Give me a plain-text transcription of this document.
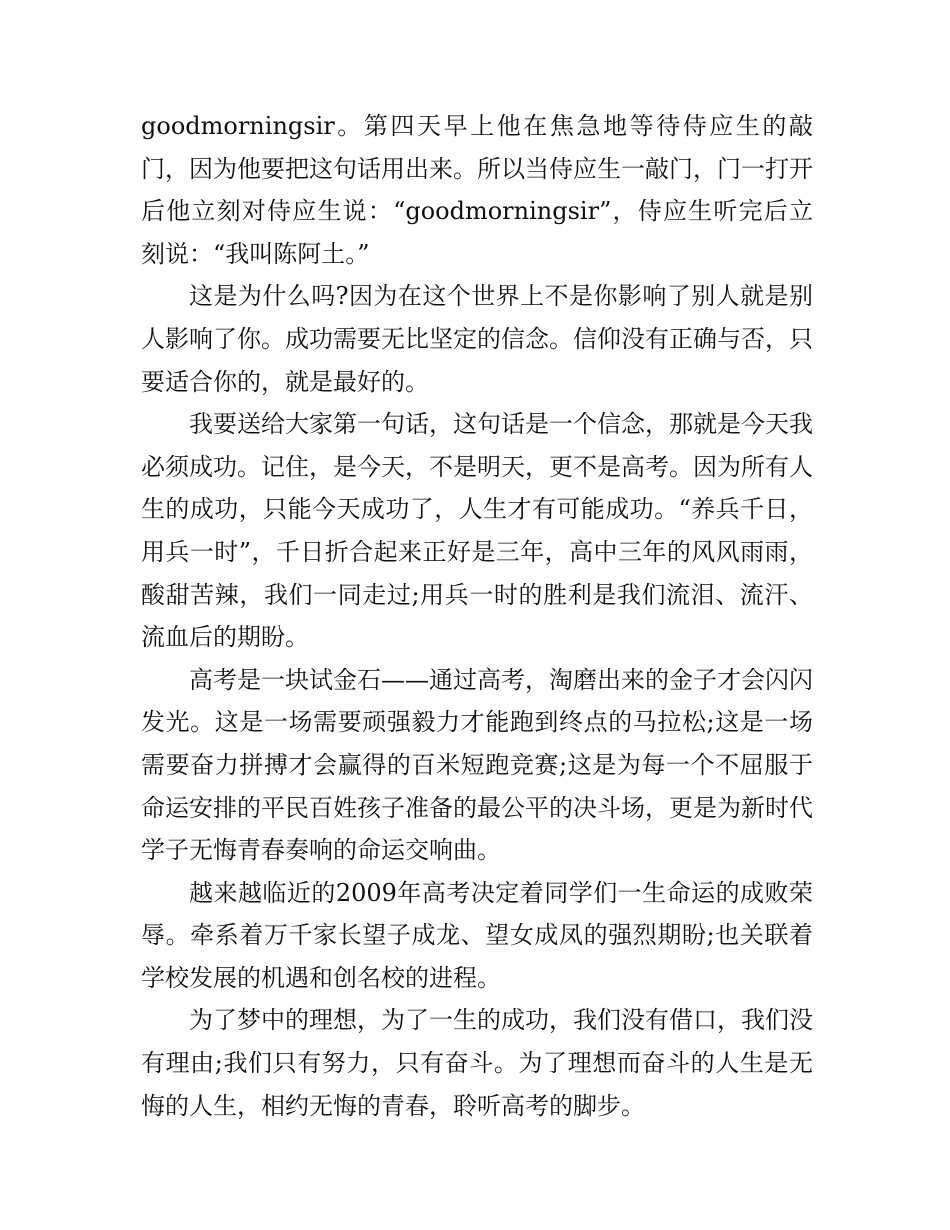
goodmorningsir。第四天早上他在焦急地等待侍应生的敲门，因为他要把这句话用出来。所以当侍应生一敲门，门一打开后他立刻对侍应生说：“goodmorningsir”，侍应生听完后立刻说：“我叫陈阿土。”

这是为什么吗?因为在这个世界上不是你影响了别人就是别人影响了你。成功需要无比坚定的信念。信仰没有正确与否，只要适合你的，就是最好的。

我要送给大家第一句话，这句话是一个信念，那就是今天我必须成功。记住，是今天，不是明天，更不是高考。因为所有人生的成功，只能今天成功了，人生才有可能成功。“养兵千日，用兵一时”，千日折合起来正好是三年，高中三年的风风雨雨，酸甜苦辣，我们一同走过;用兵一时的胜利是我们流泪、流汗、流血后的期盼。

高考是一块试金石——通过高考，淘磨出来的金子才会闪闪发光。这是一场需要顽强毅力才能跑到终点的马拉松;这是一场需要奋力拼搏才会赢得的百米短跑竞赛;这是为每一个不屈服于命运安排的平民百姓孩子准备的最公平的决斗场，更是为新时代学子无悔青春奏响的命运交响曲。

越来越临近的2009年高考决定着同学们一生命运的成败荣辱。牵系着万千家长望子成龙、望女成凤的强烈期盼;也关联着学校发展的机遇和创名校的进程。

为了梦中的理想，为了一生的成功，我们没有借口，我们没有理由;我们只有努力，只有奋斗。为了理想而奋斗的人生是无悔的人生，相约无悔的青春，聆听高考的脚步。
